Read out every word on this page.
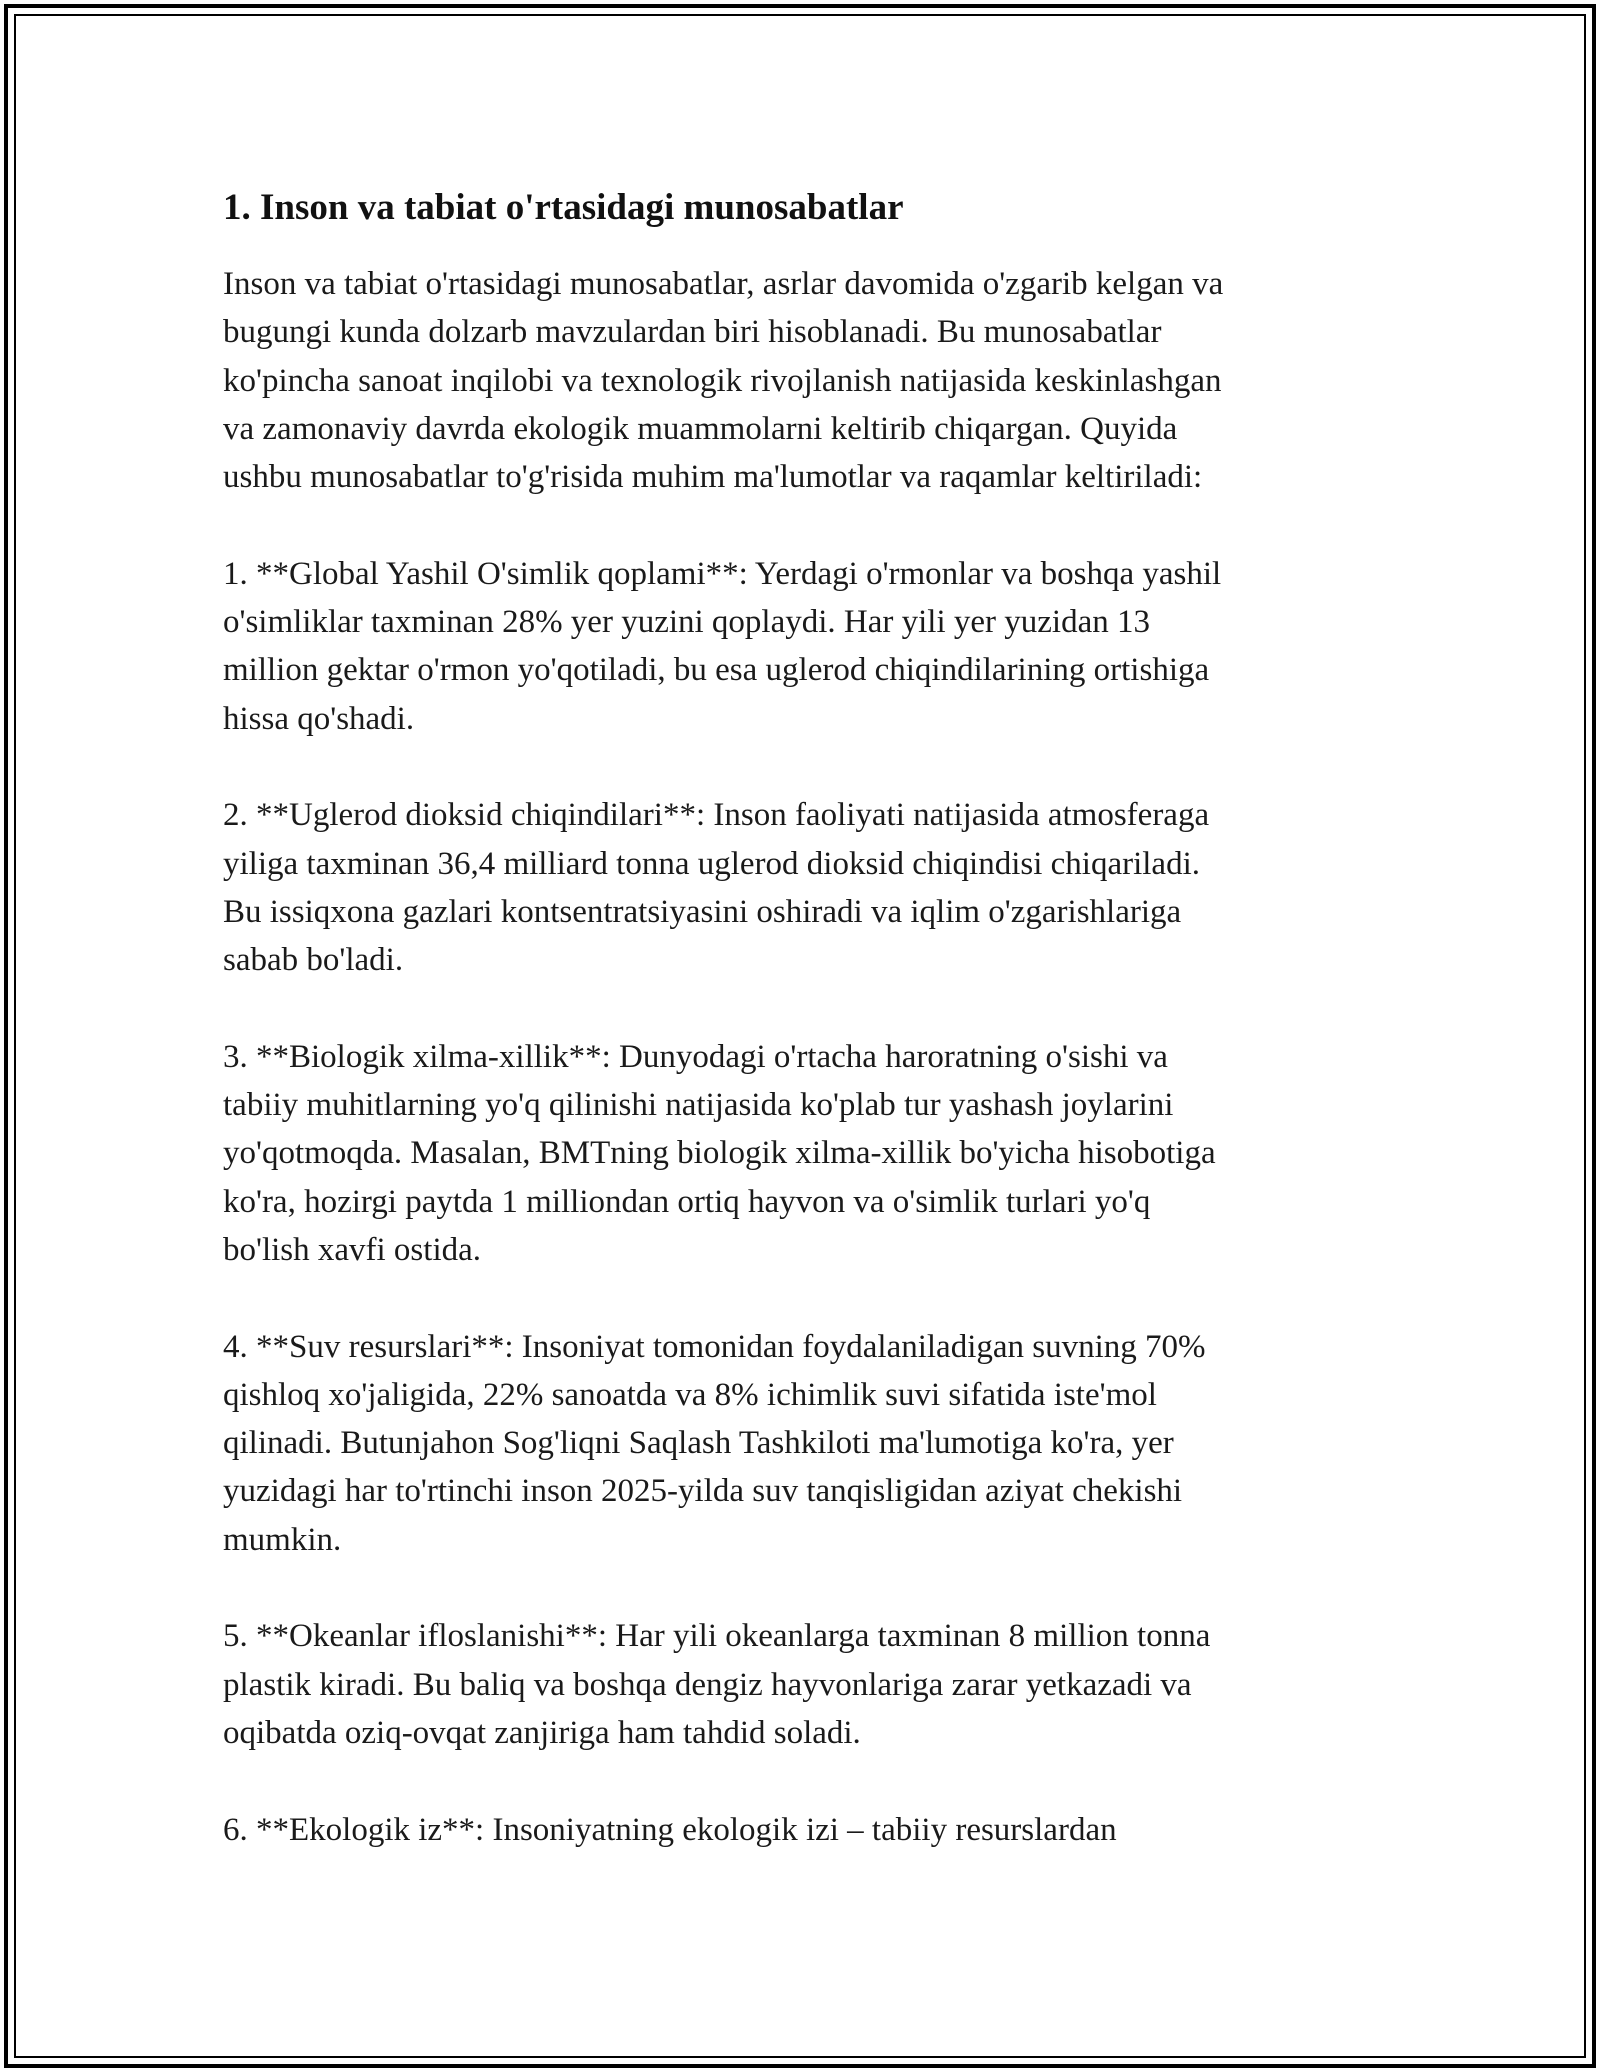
1. Inson va tabiat o'rtasidagi munosabatlar

Inson va tabiat o'rtasidagi munosabatlar, asrlar davomida o'zgarib kelgan va
bugungi kunda dolzarb mavzulardan biri hisoblanadi. Bu munosabatlar
ko'pincha sanoat inqilobi va texnologik rivojlanish natijasida keskinlashgan
va zamonaviy davrda ekologik muammolarni keltirib chiqargan. Quyida
ushbu munosabatlar to'g'risida muhim ma'lumotlar va raqamlar keltiriladi:

1. **Global Yashil O'simlik qoplami**: Yerdagi o'rmonlar va boshqa yashil
o'simliklar taxminan 28% yer yuzini qoplaydi. Har yili yer yuzidan 13
million gektar o'rmon yo'qotiladi, bu esa uglerod chiqindilarining ortishiga
hissa qo'shadi.

2. **Uglerod dioksid chiqindilari**: Inson faoliyati natijasida atmosferaga
yiliga taxminan 36,4 milliard tonna uglerod dioksid chiqindisi chiqariladi.
Bu issiqxona gazlari kontsentratsiyasini oshiradi va iqlim o'zgarishlariga
sabab bo'ladi.

3. **Biologik xilma-xillik**: Dunyodagi o'rtacha haroratning o'sishi va
tabiiy muhitlarning yo'q qilinishi natijasida ko'plab tur yashash joylarini
yo'qotmoqda. Masalan, BMTning biologik xilma-xillik bo'yicha hisobotiga
ko'ra, hozirgi paytda 1 milliondan ortiq hayvon va o'simlik turlari yo'q
bo'lish xavfi ostida.

4. **Suv resurslari**: Insoniyat tomonidan foydalaniladigan suvning 70%
qishloq xo'jaligida, 22% sanoatda va 8% ichimlik suvi sifatida iste'mol
qilinadi. Butunjahon Sog'liqni Saqlash Tashkiloti ma'lumotiga ko'ra, yer
yuzidagi har to'rtinchi inson 2025-yilda suv tanqisligidan aziyat chekishi
mumkin.

5. **Okeanlar ifloslanishi**: Har yili okeanlarga taxminan 8 million tonna
plastik kiradi. Bu baliq va boshqa dengiz hayvonlariga zarar yetkazadi va
oqibatda oziq-ovqat zanjiriga ham tahdid soladi.

6. **Ekologik iz**: Insoniyatning ekologik izi – tabiiy resurslardan
